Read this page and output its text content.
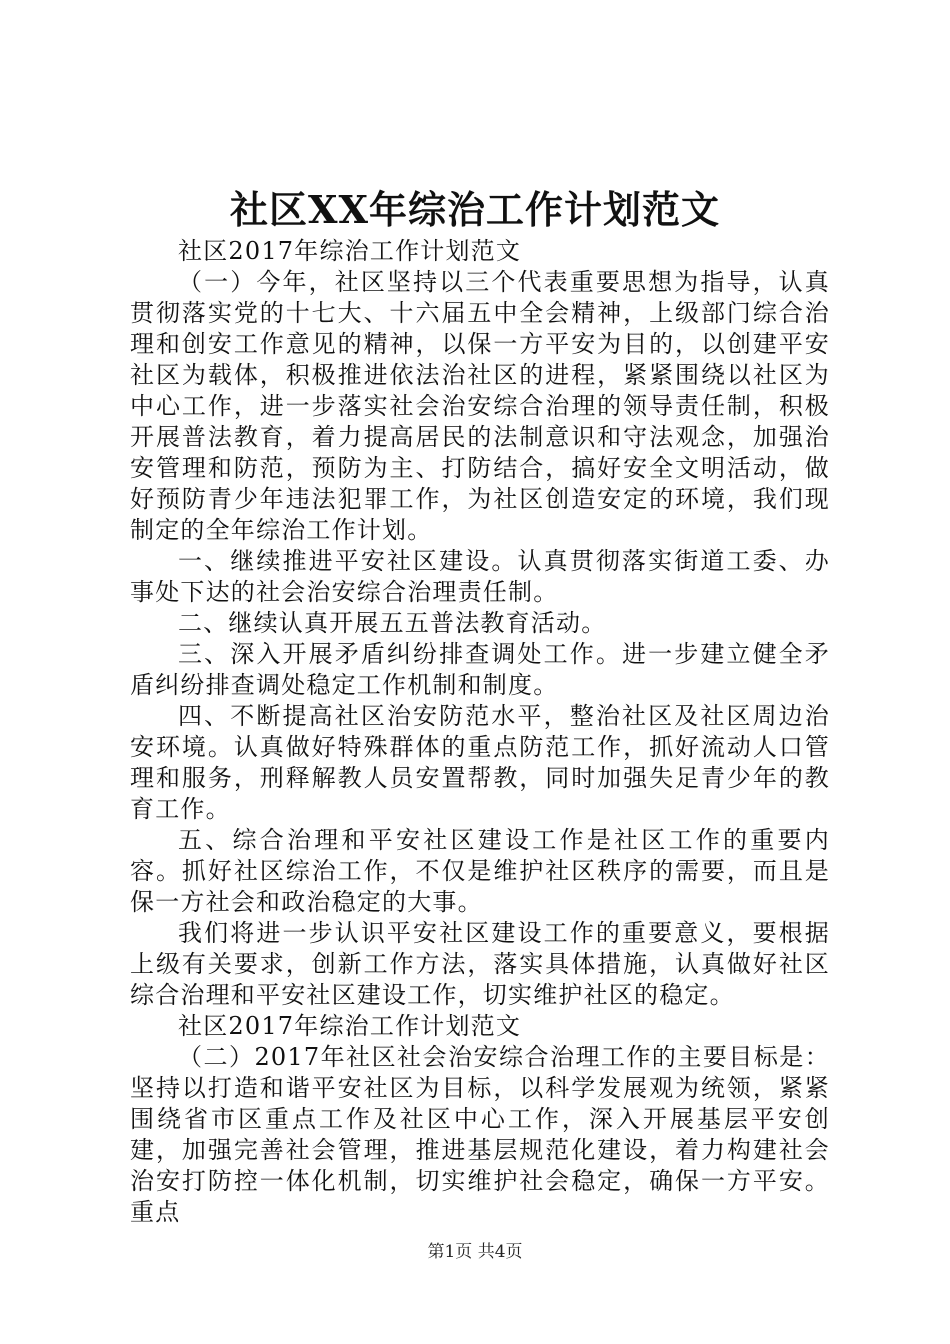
社区XX年综治工作计划范文

社区2017年综治工作计划范文

（一）今年，社区坚持以三个代表重要思想为指导，认真贯彻落实党的十七大、十六届五中全会精神，上级部门综合治理和创安工作意见的精神，以保一方平安为目的，以创建平安社区为载体，积极推进依法治社区的进程，紧紧围绕以社区为中心工作，进一步落实社会治安综合治理的领导责任制，积极开展普法教育，着力提高居民的法制意识和守法观念，加强治安管理和防范，预防为主、打防结合，搞好安全文明活动，做好预防青少年违法犯罪工作，为社区创造安定的环境，我们现制定的全年综治工作计划。

一、继续推进平安社区建设。认真贯彻落实街道工委、办事处下达的社会治安综合治理责任制。

二、继续认真开展五五普法教育活动。

三、深入开展矛盾纠纷排查调处工作。进一步建立健全矛盾纠纷排查调处稳定工作机制和制度。

四、不断提高社区治安防范水平，整治社区及社区周边治安环境。认真做好特殊群体的重点防范工作，抓好流动人口管理和服务，刑释解教人员安置帮教，同时加强失足青少年的教育工作。

五、综合治理和平安社区建设工作是社区工作的重要内容。抓好社区综治工作，不仅是维护社区秩序的需要，而且是保一方社会和政治稳定的大事。

我们将进一步认识平安社区建设工作的重要意义，要根据上级有关要求，创新工作方法，落实具体措施，认真做好社区综合治理和平安社区建设工作，切实维护社区的稳定。

社区2017年综治工作计划范文

（二）2017年社区社会治安综合治理工作的主要目标是：坚持以打造和谐平安社区为目标，以科学发展观为统领，紧紧围绕省市区重点工作及社区中心工作，深入开展基层平安创建，加强完善社会管理，推进基层规范化建设，着力构建社会治安打防控一体化机制，切实维护社会稳定，确保一方平安。重点

第1页 共4页
